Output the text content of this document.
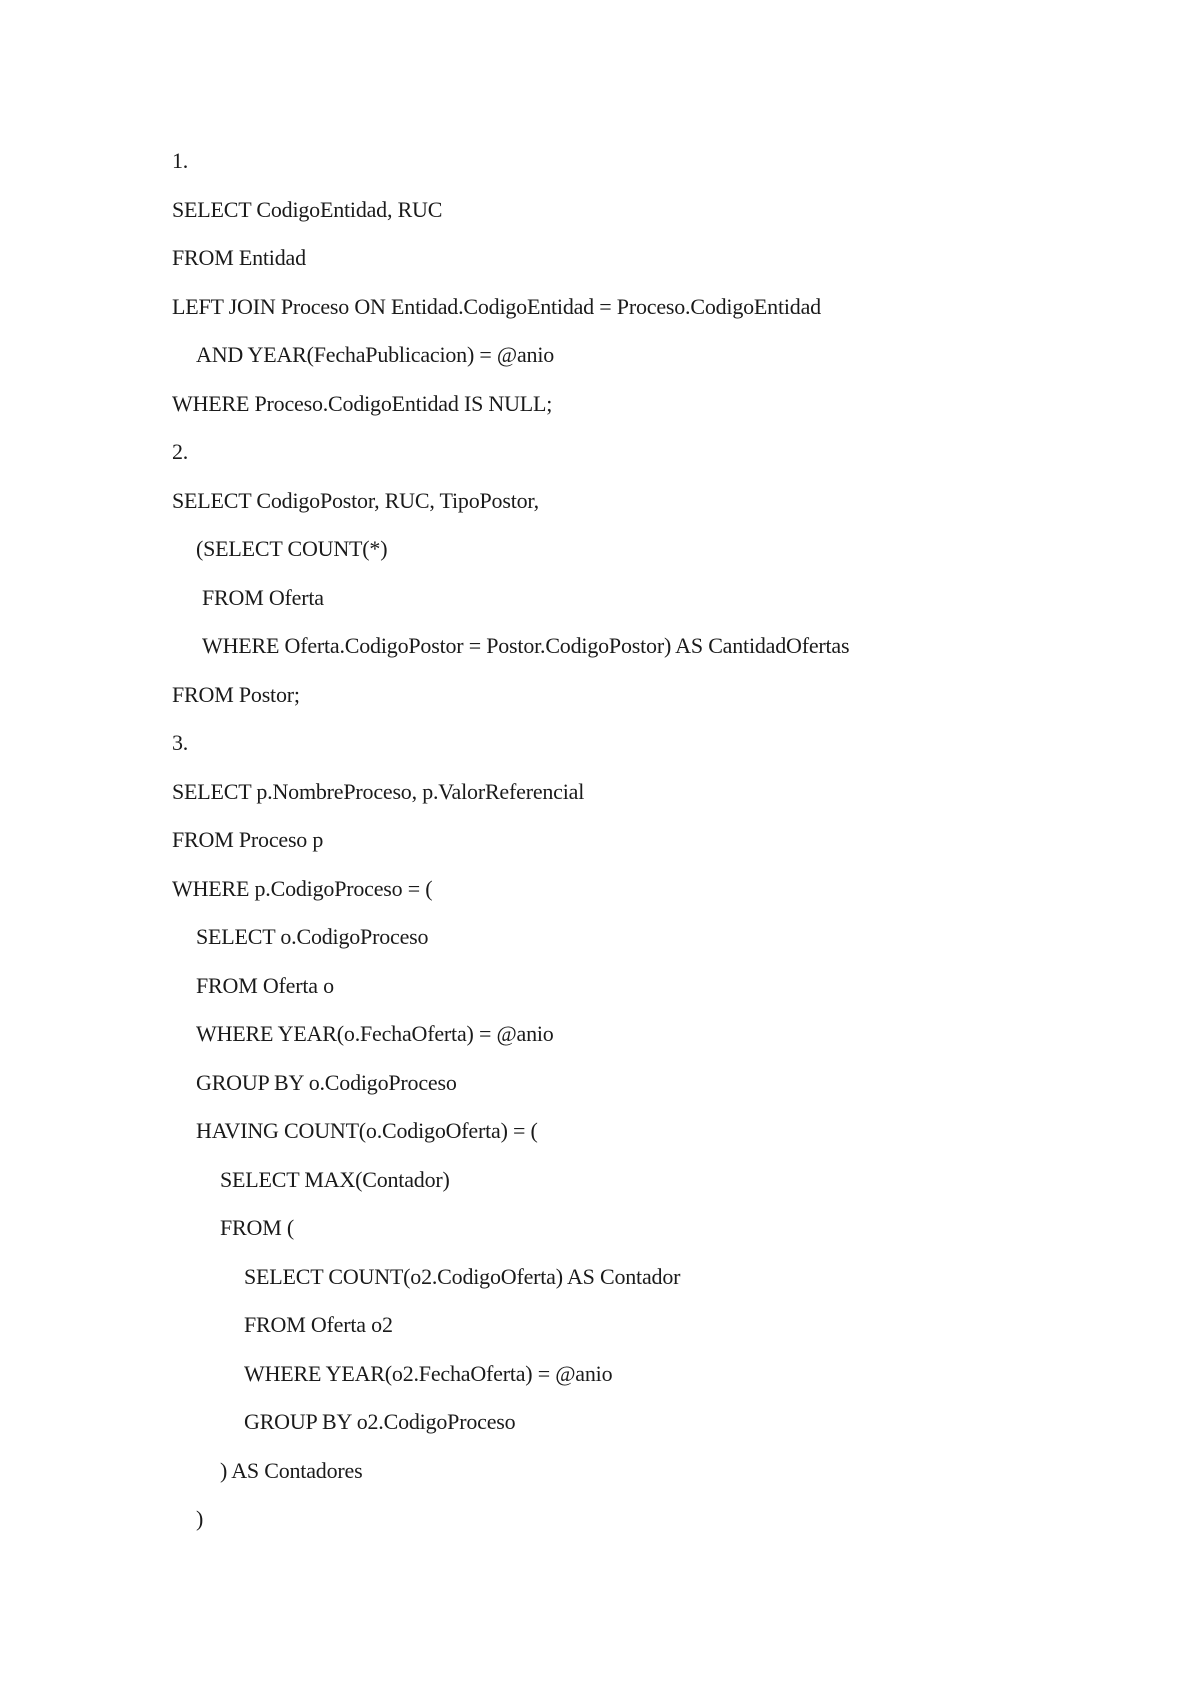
1.
SELECT CodigoEntidad, RUC
FROM Entidad
LEFT JOIN Proceso ON Entidad.CodigoEntidad = Proceso.CodigoEntidad
AND YEAR(FechaPublicacion) = @anio
WHERE Proceso.CodigoEntidad IS NULL;
2.
SELECT CodigoPostor, RUC, TipoPostor,
(SELECT COUNT(*)
FROM Oferta
WHERE Oferta.CodigoPostor = Postor.CodigoPostor) AS CantidadOfertas
FROM Postor;
3.
SELECT p.NombreProceso, p.ValorReferencial
FROM Proceso p
WHERE p.CodigoProceso = (
SELECT o.CodigoProceso
FROM Oferta o
WHERE YEAR(o.FechaOferta) = @anio
GROUP BY o.CodigoProceso
HAVING COUNT(o.CodigoOferta) = (
SELECT MAX(Contador)
FROM (
SELECT COUNT(o2.CodigoOferta) AS Contador
FROM Oferta o2
WHERE YEAR(o2.FechaOferta) = @anio
GROUP BY o2.CodigoProceso
) AS Contadores
)
